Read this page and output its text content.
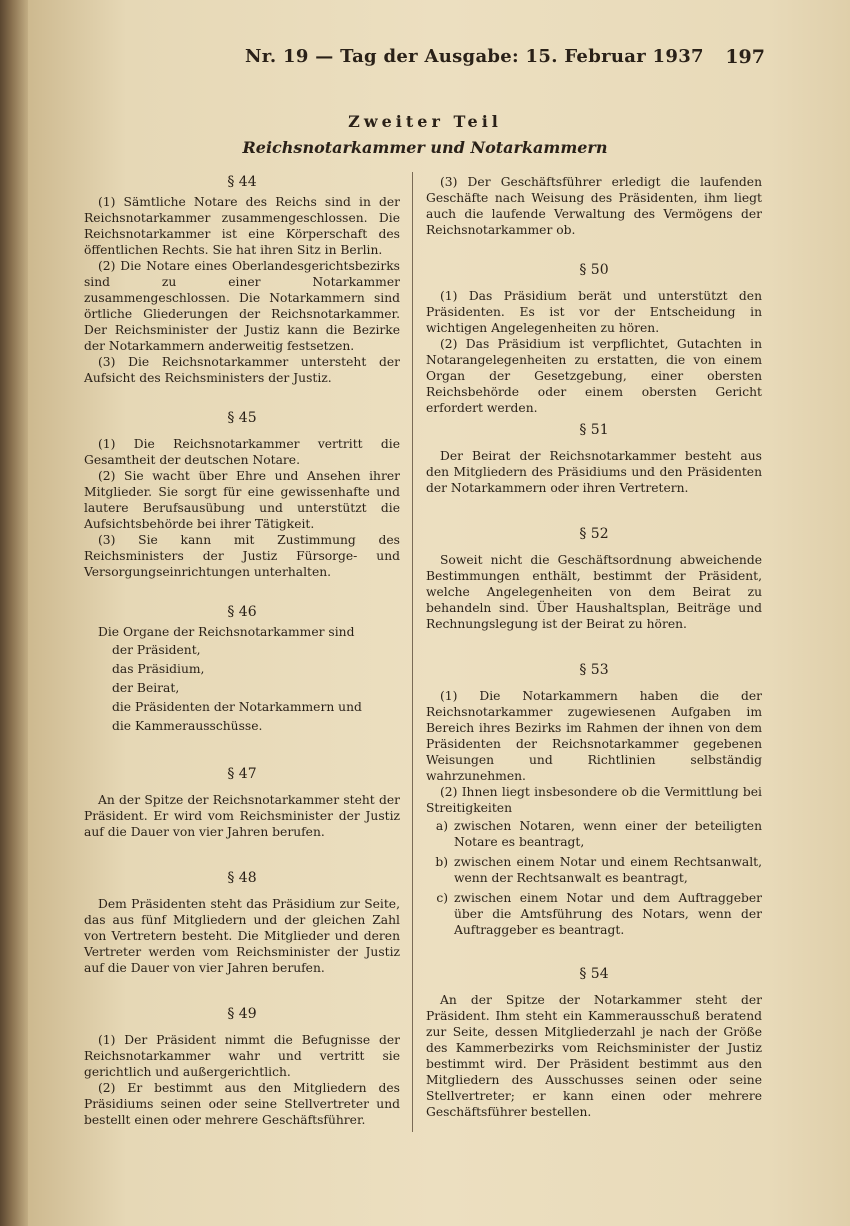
Nr. 19 — Tag der Ausgabe: 15. Februar 1937 197
Zweiter Teil
Reichsnotarkammer und Notarkammern
§ 44

(1) Sämtliche Notare des Reichs sind in der Reichsnotarkammer zusammengeschlossen. Die Reichsnotarkammer ist eine Körperschaft des öffentlichen Rechts. Sie hat ihren Sitz in Berlin.

(2) Die Notare eines Oberlandesgerichtsbezirks sind zu einer Notarkammer zusammengeschlossen. Die Notarkammern sind örtliche Gliederungen der Reichsnotarkammer. Der Reichsminister der Justiz kann die Bezirke der Notarkammern anderweitig festsetzen.

(3) Die Reichsnotarkammer untersteht der Aufsicht des Reichsministers der Justiz.

§ 45

(1) Die Reichsnotarkammer vertritt die Gesamtheit der deutschen Notare.

(2) Sie wacht über Ehre und Ansehen ihrer Mitglieder. Sie sorgt für eine gewissenhafte und lautere Berufsausübung und unterstützt die Aufsichtsbehörde bei ihrer Tätigkeit.

(3) Sie kann mit Zustimmung des Reichsministers der Justiz Fürsorge- und Versorgungseinrichtungen unterhalten.

§ 46

Die Organe der Reichsnotarkammer sind

der Präsident,
das Präsidium,
der Beirat,
die Präsidenten der Notarkammern und
die Kammerausschüsse.
§ 47

An der Spitze der Reichsnotarkammer steht der Präsident. Er wird vom Reichsminister der Justiz auf die Dauer von vier Jahren berufen.

§ 48

Dem Präsidenten steht das Präsidium zur Seite, das aus fünf Mitgliedern und der gleichen Zahl von Vertretern besteht. Die Mitglieder und deren Vertreter werden vom Reichsminister der Justiz auf die Dauer von vier Jahren berufen.

§ 49

(1) Der Präsident nimmt die Befugnisse der Reichsnotarkammer wahr und vertritt sie gerichtlich und außergerichtlich.

(2) Er bestimmt aus den Mitgliedern des Präsidiums seinen oder seine Stellvertreter und bestellt einen oder mehrere Geschäftsführer.

(3) Der Geschäftsführer erledigt die laufenden Geschäfte nach Weisung des Präsidenten, ihm liegt auch die laufende Verwaltung des Vermögens der Reichsnotarkammer ob.

§ 50

(1) Das Präsidium berät und unterstützt den Präsidenten. Es ist vor der Entscheidung in wichtigen Angelegenheiten zu hören.

(2) Das Präsidium ist verpflichtet, Gutachten in Notarangelegenheiten zu erstatten, die von einem Organ der Gesetzgebung, einer obersten Reichsbehörde oder einem obersten Gericht erfordert werden.

§ 51

Der Beirat der Reichsnotarkammer besteht aus den Mitgliedern des Präsidiums und den Präsidenten der Notarkammern oder ihren Vertretern.

§ 52

Soweit nicht die Geschäftsordnung abweichende Bestimmungen enthält, bestimmt der Präsident, welche Angelegenheiten von dem Beirat zu behandeln sind. Über Haushaltsplan, Beiträge und Rechnungslegung ist der Beirat zu hören.

§ 53

(1) Die Notarkammern haben die der Reichsnotarkammer zugewiesenen Aufgaben im Bereich ihres Bezirks im Rahmen der ihnen von dem Präsidenten der Reichsnotarkammer gegebenen Weisungen und Richtlinien selbständig wahrzunehmen.

(2) Ihnen liegt insbesondere ob die Vermittlung bei Streitigkeiten

a) zwischen Notaren, wenn einer der beteiligten Notare es beantragt,
b) zwischen einem Notar und einem Rechtsanwalt, wenn der Rechtsanwalt es beantragt,
c) zwischen einem Notar und dem Auftraggeber über die Amtsführung des Notars, wenn der Auftraggeber es beantragt.
§ 54

An der Spitze der Notarkammer steht der Präsident. Ihm steht ein Kammerausschuß beratend zur Seite, dessen Mitgliederzahl je nach der Größe des Kammerbezirks vom Reichsminister der Justiz bestimmt wird. Der Präsident bestimmt aus den Mitgliedern des Ausschusses seinen oder seine Stellvertreter; er kann einen oder mehrere Geschäftsführer bestellen.
